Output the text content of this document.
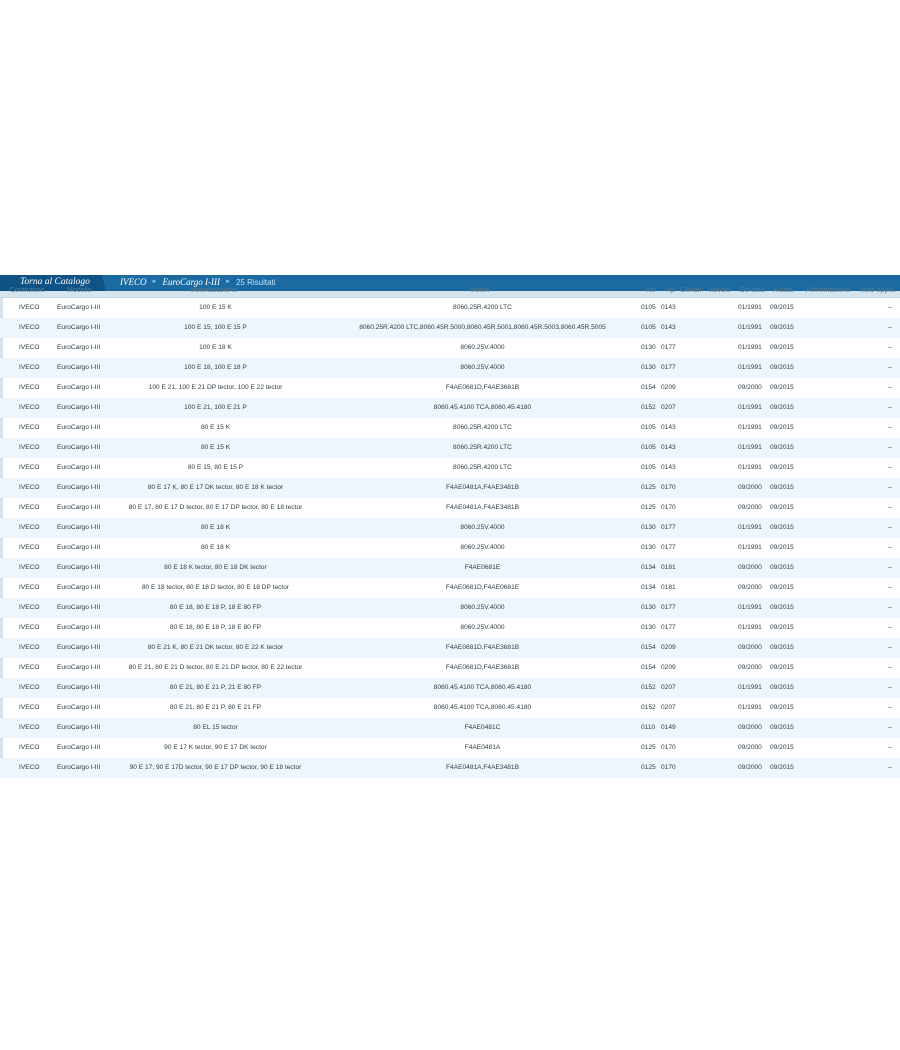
Torna al Catalogo	IVECO ► EuroCargo I-III ► 25 Risultati
Costruttore	Modello	Motorizzazione	Motori	Kw Hp Cilindri Valvole Da data A data Alimentazione Note applic.
IVECO	EuroCargo I-III	100 E 15 K	8060.25R.4200 LTC	0105 0143	01/1991 09/2015	–
IVECO	EuroCargo I-III	100 E 15, 100 E 15 P	8060.25R.4200 LTC,8060.45R.5000,8060.45R.5001,8060.45R.5003,8060.45R.5005	0105 0143	01/1991 09/2015	–
IVECO	EuroCargo I-III	100 E 18 K	8060.25V.4000	0130 0177	01/1991 09/2015	–
IVECO	EuroCargo I-III	100 E 18, 100 E 18 P	8060.25V.4000	0130 0177	01/1991 09/2015	–
IVECO	EuroCargo I-III	100 E 21, 100 E 21 DP tector, 100 E 22 tector	F4AE0681D,F4AE3681B	0154 0209	09/2000 09/2015	–
IVECO	EuroCargo I-III	100 E 21, 100 E 21 P	8060.45.4100 TCA,8060.45.4180	0152 0207	01/1991 09/2015	–
IVECO	EuroCargo I-III	80 E 15 K	8060.25R.4200 LTC	0105 0143	01/1991 09/2015	–
IVECO	EuroCargo I-III	80 E 15 K	8060.25R.4200 LTC	0105 0143	01/1991 09/2015	–
IVECO	EuroCargo I-III	80 E 15, 80 E 15 P	8060.25R.4200 LTC	0105 0143	01/1991 09/2015	–
IVECO	EuroCargo I-III	80 E 17 K, 80 E 17 DK tector, 80 E 18 K tector	F4AE0481A,F4AE3481B	0125 0170	09/2000 09/2015	–
IVECO	EuroCargo I-III	80 E 17, 80 E 17 D tector, 80 E 17 DP tector, 80 E 18 tector	F4AE0481A,F4AE3481B	0125 0170	09/2000 09/2015	–
IVECO	EuroCargo I-III	80 E 18 K	8060.25V.4000	0130 0177	01/1991 09/2015	–
IVECO	EuroCargo I-III	80 E 18 K	8060.25V.4000	0130 0177	01/1991 09/2015	–
IVECO	EuroCargo I-III	80 E 18 K tector, 80 E 18 DK tector	F4AE0681E	0134 0181	09/2000 09/2015	–
IVECO	EuroCargo I-III	80 E 18 tector, 80 E 18 D tector, 80 E 18 DP tector	F4AE0681D,F4AE0681E	0134 0181	09/2000 09/2015	–
IVECO	EuroCargo I-III	80 E 18, 80 E 18 P, 18 E 80 FP	8060.25V.4000	0130 0177	01/1991 09/2015	–
IVECO	EuroCargo I-III	80 E 18, 80 E 18 P, 18 E 80 FP	8060.25V.4000	0130 0177	01/1991 09/2015	–
IVECO	EuroCargo I-III	80 E 21 K, 80 E 21 DK tector, 80 E 22 K tector	F4AE0681D,F4AE3681B	0154 0209	09/2000 09/2015	–
IVECO	EuroCargo I-III	80 E 21, 80 E 21 D tector, 80 E 21 DP tector, 80 E 22 tector	F4AE0681D,F4AE3681B	0154 0209	09/2000 09/2015	–
IVECO	EuroCargo I-III	80 E 21, 80 E 21 P, 21 E 80 FP	8060.45.4100 TCA,8060.45.4180	0152 0207	01/1991 09/2015	–
IVECO	EuroCargo I-III	80 E 21, 80 E 21 P, 80 E 21 FP	8060.45.4100 TCA,8060.45.4180	0152 0207	01/1991 09/2015	–
IVECO	EuroCargo I-III	80 EL 15 tector	F4AE0481C	0110 0149	09/2000 09/2015	–
IVECO	EuroCargo I-III	90 E 17 K tector, 90 E 17 DK tector	F4AE0481A	0125 0170	09/2000 09/2015	–
IVECO	EuroCargo I-III	90 E 17, 90 E 17D tector, 90 E 17 DP tector, 90 E 18 tector	F4AE0481A,F4AE3481B	0125 0170	09/2000 09/2015	–
